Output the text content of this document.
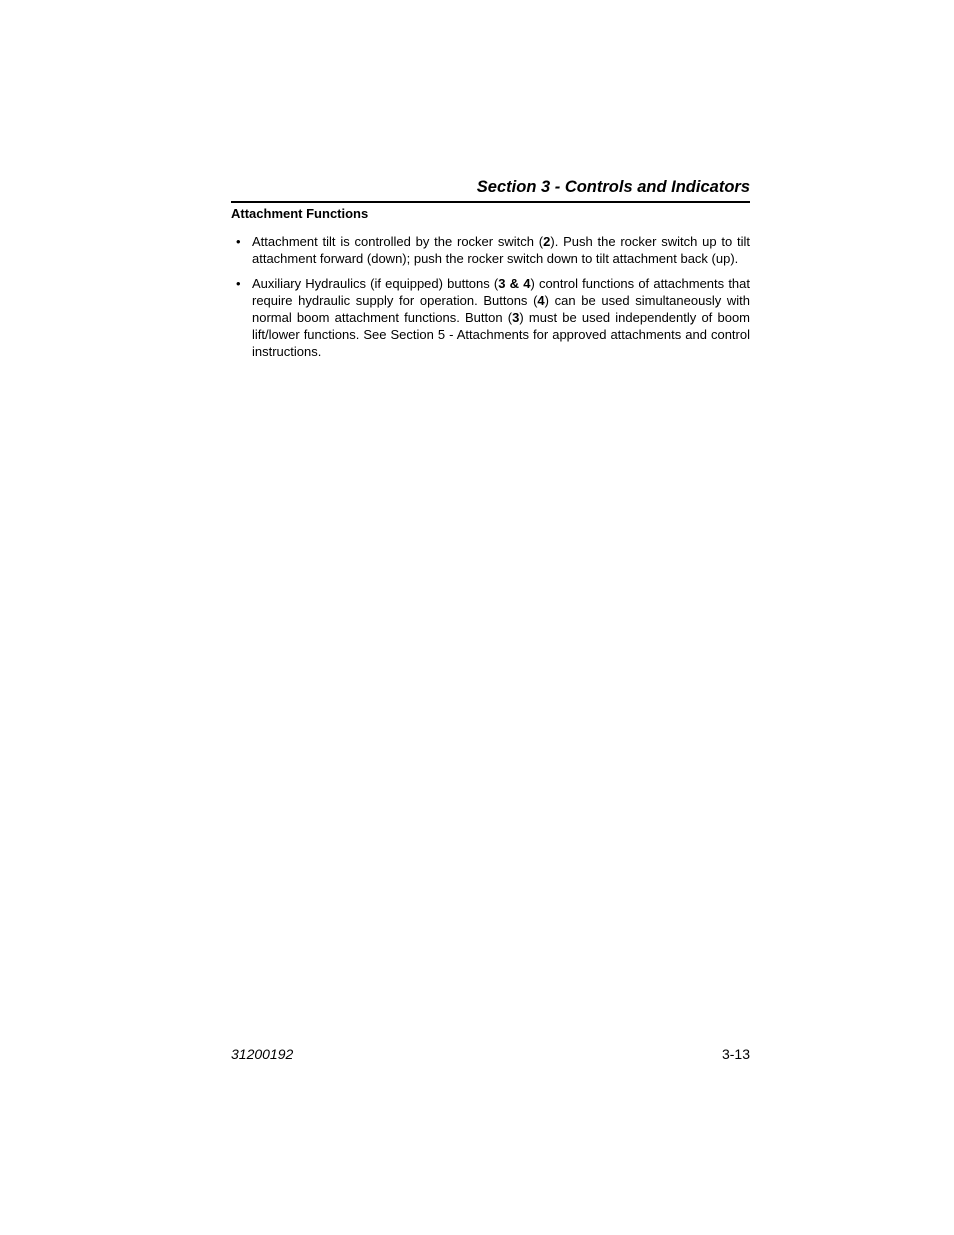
Section 3 - Controls and Indicators
Attachment Functions
• Attachment tilt is controlled by the rocker switch (2). Push the rocker switch up to tilt attachment forward (down); push the rocker switch down to tilt attachment back (up).
• Auxiliary Hydraulics (if equipped) buttons (3 & 4) control functions of attachments that require hydraulic supply for operation. Buttons (4) can be used simultaneously with normal boom attachment functions. Button (3) must be used independently of boom lift/lower functions. See Section 5 - Attachments for approved attachments and control instructions.
31200192	3-13
